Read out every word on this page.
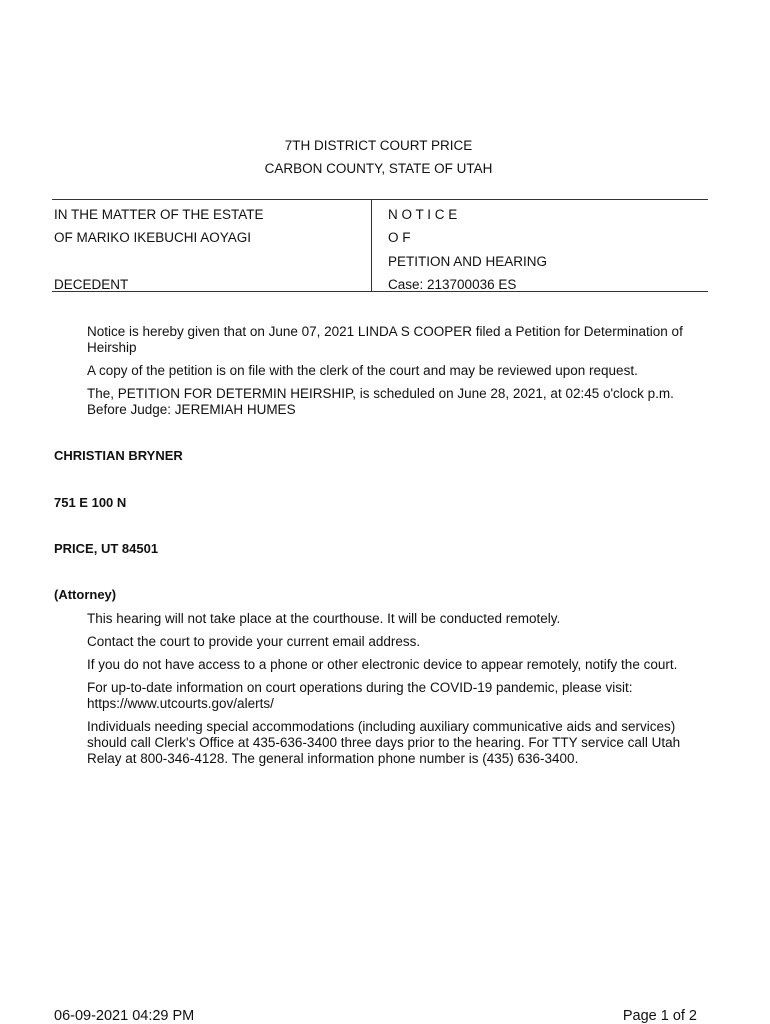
7TH DISTRICT COURT PRICE
CARBON COUNTY, STATE OF UTAH
IN THE MATTER OF THE ESTATE
OF MARIKO IKEBUCHI AOYAGI
DECEDENT
N O T I C E
O F
PETITION AND HEARING
Case: 213700036 ES
Notice is hereby given that on June 07, 2021 LINDA S COOPER filed a Petition for Determination of Heirship
A copy of the petition is on file with the clerk of the court and may be reviewed upon request.
The, PETITION FOR DETERMIN HEIRSHIP, is scheduled on June 28, 2021, at 02:45 o'clock p.m.
Before Judge: JEREMIAH HUMES
CHRISTIAN BRYNER
751 E 100 N
PRICE, UT 84501
(Attorney)
This hearing will not take place at the courthouse. It will be conducted remotely.
Contact the court to provide your current email address.
If you do not have access to a phone or other electronic device to appear remotely, notify the court.
For up-to-date information on court operations during the COVID-19 pandemic, please visit: https://www.utcourts.gov/alerts/
Individuals needing special accommodations (including auxiliary communicative aids and services) should call Clerk's Office at 435-636-3400 three days prior to the hearing. For TTY service call Utah Relay at 800-346-4128. The general information phone number is (435) 636-3400.
06-09-2021 04:29 PM	Page 1 of 2
